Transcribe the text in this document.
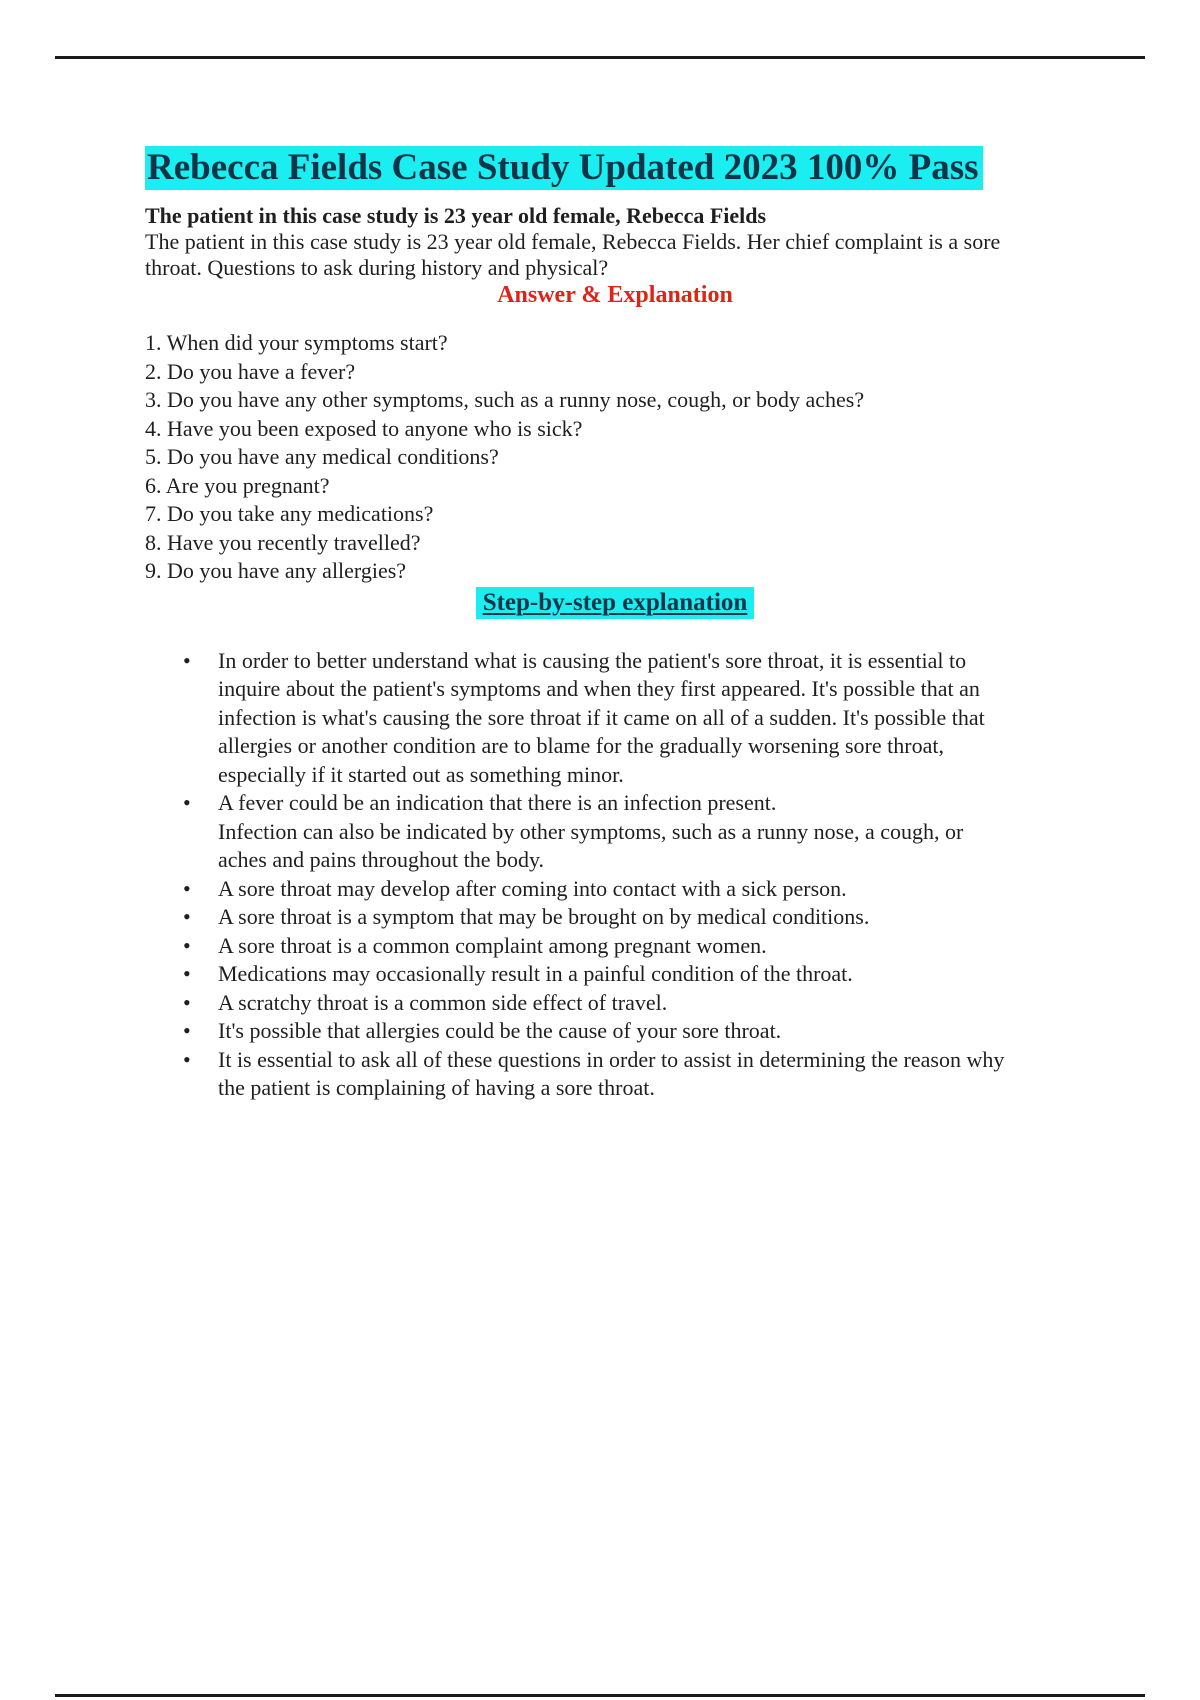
Rebecca Fields Case Study Updated 2023 100% Pass
The patient in this case study is 23 year old female, Rebecca Fields
The patient in this case study is 23 year old female, Rebecca Fields. Her chief complaint is a sore
throat. Questions to ask during history and physical?
Answer & Explanation
1. When did your symptoms start?
2. Do you have a fever?
3. Do you have any other symptoms, such as a runny nose, cough, or body aches?
4. Have you been exposed to anyone who is sick?
5. Do you have any medical conditions?
6. Are you pregnant?
7. Do you take any medications?
8. Have you recently travelled?
9. Do you have any allergies?
Step-by-step explanation
• In order to better understand what is causing the patient's sore throat, it is essential to
inquire about the patient's symptoms and when they first appeared. It's possible that an
infection is what's causing the sore throat if it came on all of a sudden. It's possible that
allergies or another condition are to blame for the gradually worsening sore throat,
especially if it started out as something minor.
• A fever could be an indication that there is an infection present.
Infection can also be indicated by other symptoms, such as a runny nose, a cough, or
aches and pains throughout the body.
• A sore throat may develop after coming into contact with a sick person.
• A sore throat is a symptom that may be brought on by medical conditions.
• A sore throat is a common complaint among pregnant women.
• Medications may occasionally result in a painful condition of the throat.
• A scratchy throat is a common side effect of travel.
• It's possible that allergies could be the cause of your sore throat.
• It is essential to ask all of these questions in order to assist in determining the reason why
the patient is complaining of having a sore throat.
